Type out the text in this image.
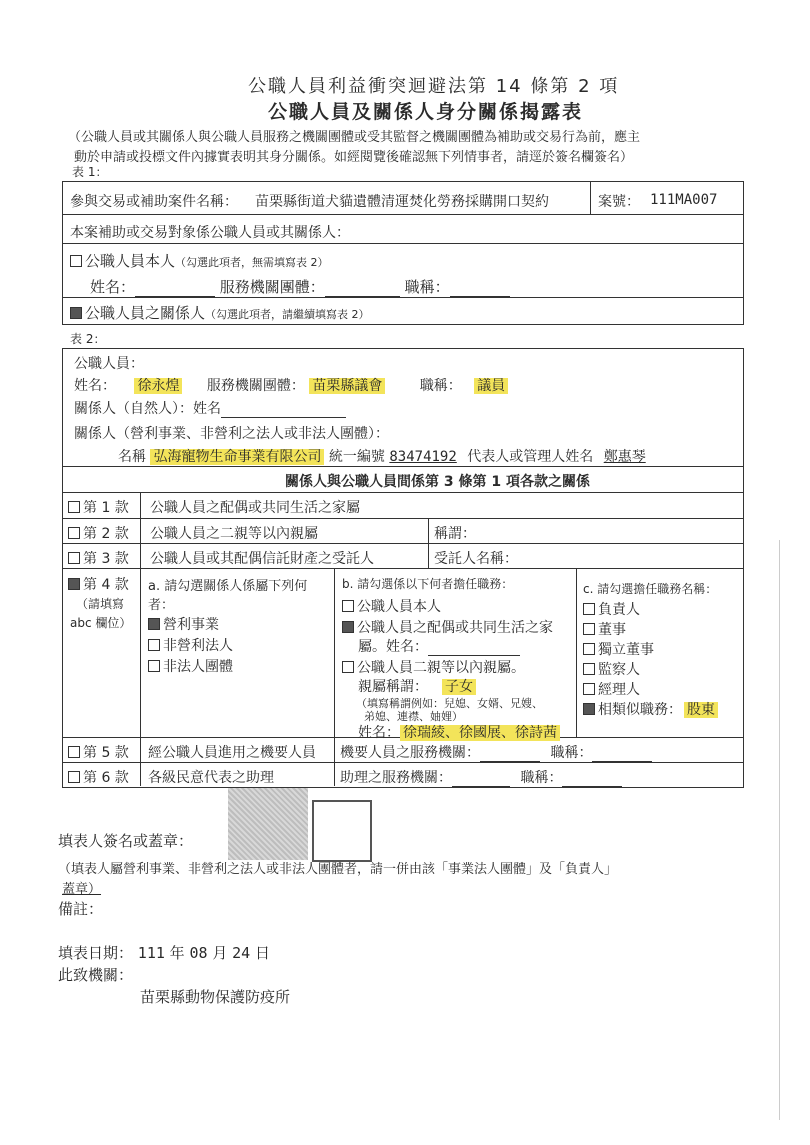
公職人員利益衝突迴避法第 14 條第 2 項
公職人員及關係人身分關係揭露表
（公職人員或其關係人與公職人員服務之機關團體或受其監督之機關團體為補助或交易行為前，應主
動於申請或投標文件內據實表明其身分關係。如經閱覽後確認無下列情事者，請逕於簽名欄簽名）
表 1：
參與交易或補助案件名稱： 苗栗縣街道犬貓遺體清運焚化勞務採購開口契約	案號： 111MA007
本案補助或交易對象係公職人員或其關係人：
公職人員本人（勾選此項者，無需填寫表 2）
姓名：	服務機關團體：	職稱：
公職人員之關係人（勾選此項者，請繼續填寫表 2）
表 2：
公職人員：
姓名： 徐永煌 服務機關團體： 苗栗縣議會	職稱： 議員
關係人（自然人）：姓名
關係人（營利事業、非營利之法人或非法人團體）：
名稱 弘海寵物生命事業有限公司 統一編號 83474192 代表人或管理人姓名 鄭惠琴
關係人與公職人員間係第 3 條第 1 項各款之關係
第 1 款 公職人員之配偶或共同生活之家屬
第 2 款 公職人員之二親等以內親屬	稱謂：
第 3 款 公職人員或其配偶信託財產之受託人	受託人名稱：
第 4 款
（請填寫
abc 欄位）
a. 請勾選關係人係屬下列何
者：
營利事業
非營利法人
非法人團體
b. 請勾選係以下何者擔任職務：
公職人員本人
公職人員之配偶或共同生活之家
屬。姓名：
公職人員二親等以內親屬。
親屬稱謂： 子女
（填寫稱謂例如：兒媳、女婿、兄嫂、
弟媳、連襟、妯娌）
姓名： 徐瑞綾、徐國展、徐詩茜
c. 請勾選擔任職務名稱：
負責人
董事
獨立董事
監察人
經理人
相類似職務： 股東
第 5 款 經公職人員進用之機要人員 機要人員之服務機關：	職稱：
第 6 款 各級民意代表之助理	助理之服務機關：	職稱：
填表人簽名或蓋章：
（填表人屬營利事業、非營利之法人或非法人團體者，請一併由該「事業法人團體」及「負責人」
蓋章）
備註：
填表日期： 111 年 08 月 24 日
此致機關：
苗栗縣動物保護防疫所
